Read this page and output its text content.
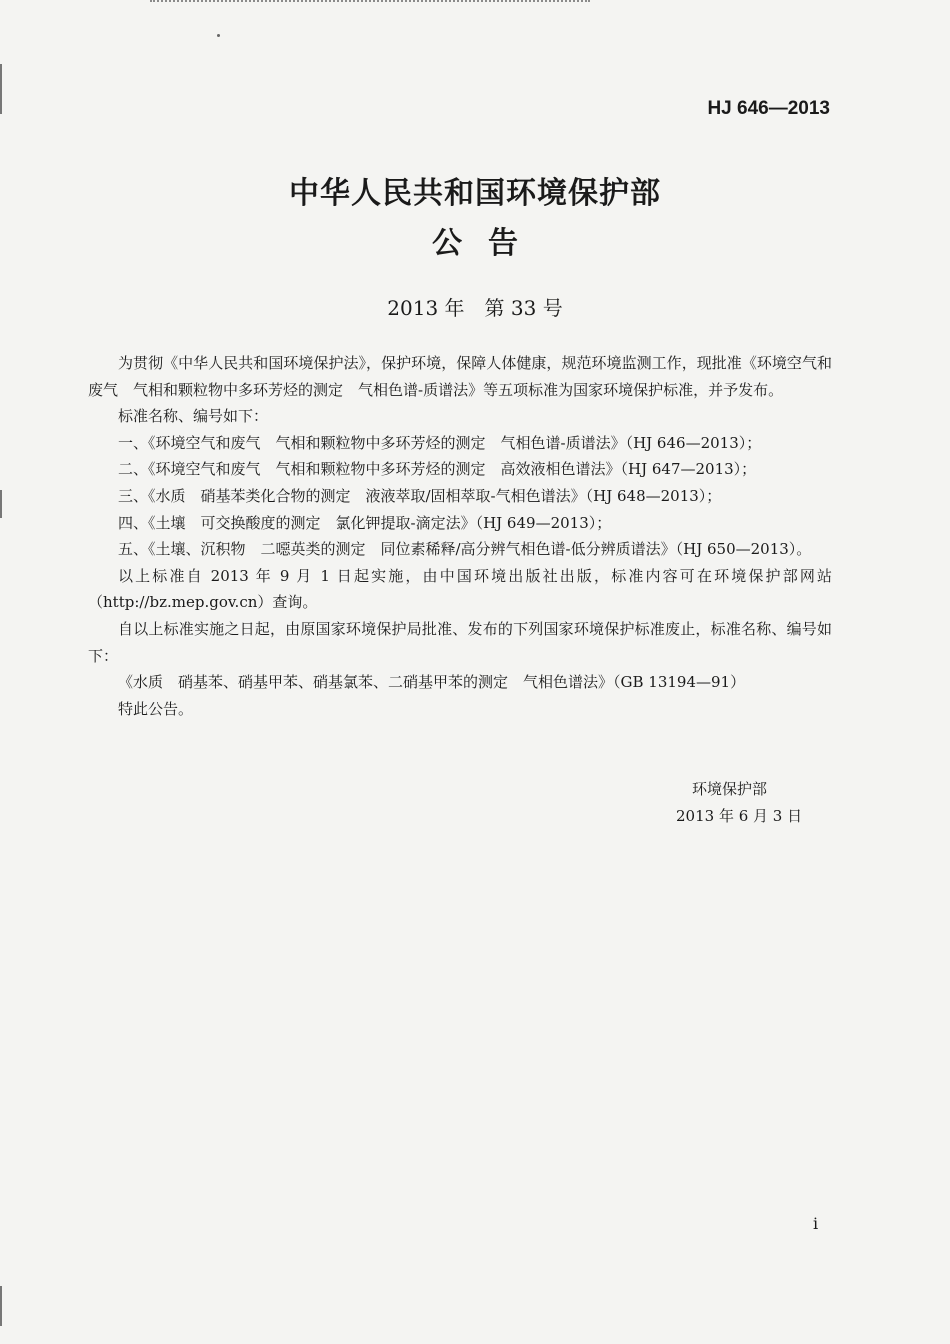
HJ 646—2013
中华人民共和国环境保护部
公告
2013 年　第 33 号

为贯彻《中华人民共和国环境保护法》，保护环境，保障人体健康，规范环境监测工作，现批准《环境空气和废气　气相和颗粒物中多环芳烃的测定　气相色谱-质谱法》等五项标准为国家环境保护标准，并予发布。

标准名称、编号如下：

一、《环境空气和废气　气相和颗粒物中多环芳烃的测定　气相色谱-质谱法》（HJ 646—2013）；

二、《环境空气和废气　气相和颗粒物中多环芳烃的测定　高效液相色谱法》（HJ 647—2013）；

三、《水质　硝基苯类化合物的测定　液液萃取/固相萃取-气相色谱法》（HJ 648—2013）；

四、《土壤　可交换酸度的测定　氯化钾提取-滴定法》（HJ 649—2013）；

五、《土壤、沉积物　二噁英类的测定　同位素稀释/高分辨气相色谱-低分辨质谱法》（HJ 650—2013）。

以上标准自 2013 年 9 月 1 日起实施，由中国环境出版社出版，标准内容可在环境保护部网站（http://bz.mep.gov.cn）查询。

自以上标准实施之日起，由原国家环境保护局批准、发布的下列国家环境保护标准废止，标准名称、编号如下：

《水质　硝基苯、硝基甲苯、硝基氯苯、二硝基甲苯的测定　气相色谱法》（GB 13194—91）

特此公告。

环境保护部
2013 年 6 月 3 日
i
